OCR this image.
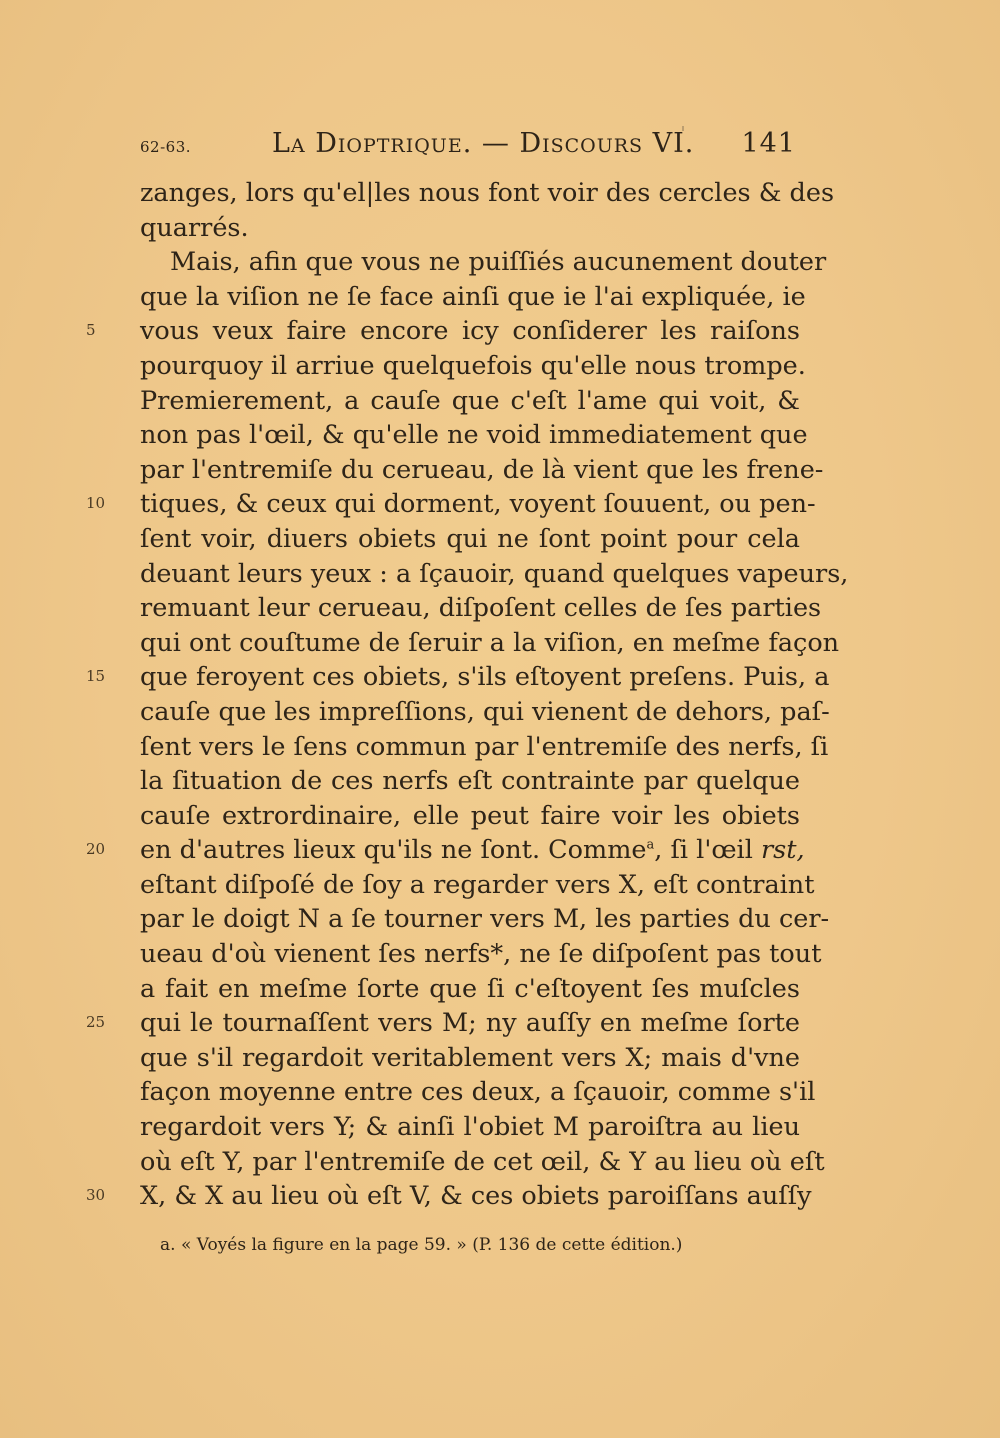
62-63.	La Dioptrique. — Discours VI. 141
zanges, lors qu'el|les nous font voir des cercles & des
quarrés.
Mais, afin que vous ne puiſſiés aucunement douter
que la viſion ne ſe face ainſi que ie l'ai expliquée, ie
vous veux faire encore icy conſiderer les raiſons
pourquoy il arriue quelquefois qu'elle nous trompe.
Premierement, a cauſe que c'eſt l'ame qui voit, &
non pas l'œil, & qu'elle ne void immediatement que
par l'entremiſe du cerueau, de là vient que les frene-
tiques, & ceux qui dorment, voyent ſouuent, ou pen-
ſent voir, diuers obiets qui ne ſont point pour cela
deuant leurs yeux : a ſçauoir, quand quelques vapeurs,
remuant leur cerueau, diſpoſent celles de ſes parties
qui ont couſtume de ſeruir a la viſion, en meſme façon
que feroyent ces obiets, s'ils eſtoyent preſens. Puis, a
cauſe que les impreſſions, qui vienent de dehors, paſ-
ſent vers le ſens commun par l'entremiſe des nerfs, ſi
la ſituation de ces nerfs eſt contrainte par quelque
cauſe extrordinaire, elle peut faire voir les obiets
en d'autres lieux qu'ils ne ſont. Comme$^a$, ſi l'œil rst,
eſtant diſpoſé de ſoy a regarder vers X, eſt contraint
par le doigt N a ſe tourner vers M, les parties du cer-
ueau d'où vienent ſes nerfs*, ne ſe diſpoſent pas tout
a fait en meſme ſorte que ſi c'eſtoyent ſes muſcles
qui le tournaſſent vers M; ny auſſy en meſme ſorte
que s'il regardoit veritablement vers X; mais d'vne
façon moyenne entre ces deux, a ſçauoir, comme s'il
regardoit vers Y; & ainſi l'obiet M paroiſtra au lieu
où eſt Y, par l'entremiſe de cet œil, & Y au lieu où eſt
X, & X au lieu où eſt V, & ces obiets paroiſſans auſſy
5
10
15
20
25
30
a. « Voyés la figure en la page 59. » (P. 136 de cette édition.)
